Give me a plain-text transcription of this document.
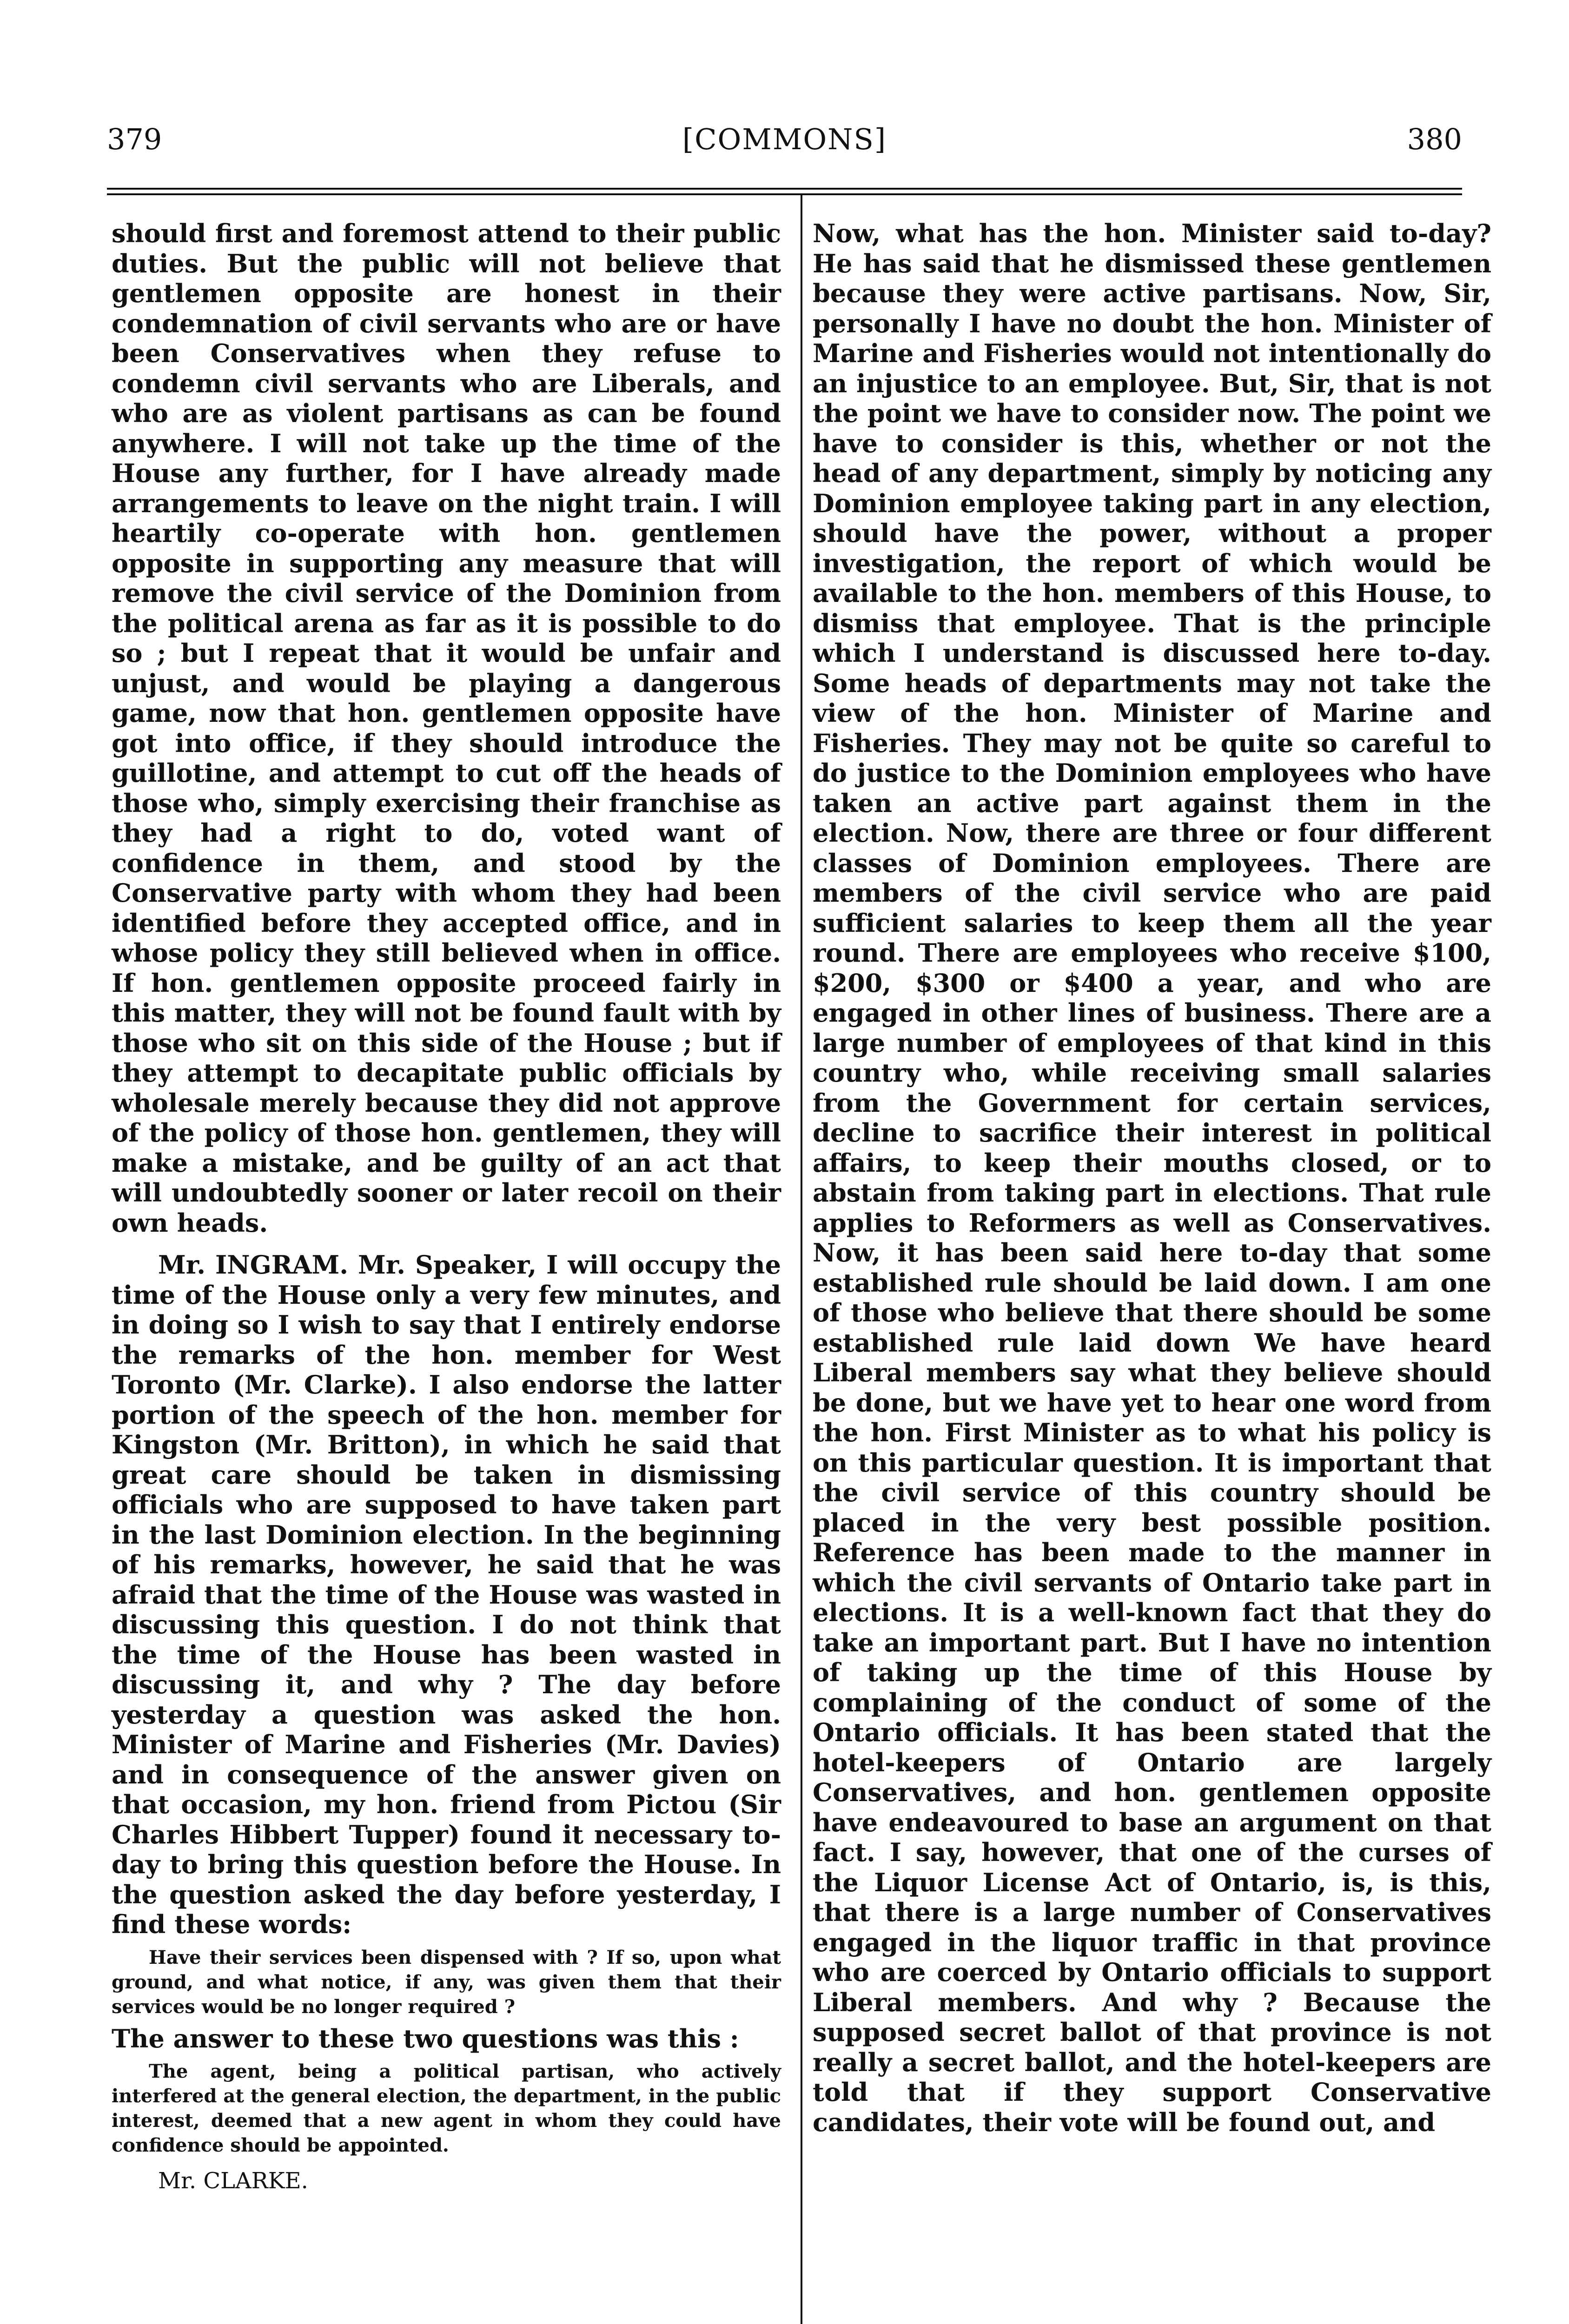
379	[COMMONS]	380

should first and foremost attend to their public duties. But the public will not believe that gentlemen opposite are honest in their condemnation of civil servants who are or have been Conservatives when they refuse to condemn civil servants who are Liberals, and who are as violent partisans as can be found anywhere. I will not take up the time of the House any further, for I have already made arrangements to leave on the night train. I will heartily co-operate with hon. gentlemen opposite in supporting any measure that will remove the civil service of the Dominion from the political arena as far as it is possible to do so ; but I repeat that it would be unfair and unjust, and would be playing a dangerous game, now that hon. gentlemen opposite have got into office, if they should introduce the guillotine, and attempt to cut off the heads of those who, simply exercising their franchise as they had a right to do, voted want of confidence in them, and stood by the Conservative party with whom they had been identified before they accepted office, and in whose policy they still believed when in office. If hon. gentlemen opposite proceed fairly in this matter, they will not be found fault with by those who sit on this side of the House ; but if they attempt to decapitate public officials by wholesale merely because they did not approve of the policy of those hon. gentlemen, they will make a mistake, and be guilty of an act that will undoubtedly sooner or later recoil on their own heads.

Mr. INGRAM. Mr. Speaker, I will occupy the time of the House only a very few minutes, and in doing so I wish to say that I entirely endorse the remarks of the hon. member for West Toronto (Mr. Clarke). I also endorse the latter portion of the speech of the hon. member for Kingston (Mr. Britton), in which he said that great care should be taken in dismissing officials who are supposed to have taken part in the last Dominion election. In the beginning of his remarks, however, he said that he was afraid that the time of the House was wasted in discussing this question. I do not think that the time of the House has been wasted in discussing it, and why ? The day before yesterday a question was asked the hon. Minister of Marine and Fisheries (Mr. Davies) and in consequence of the answer given on that occasion, my hon. friend from Pictou (Sir Charles Hibbert Tupper) found it necessary to-day to bring this question before the House. In the question asked the day before yesterday, I find these words:

Have their services been dispensed with ? If so, upon what ground, and what notice, if any, was given them that their services would be no longer required ?

The answer to these two questions was this :

The agent, being a political partisan, who actively interfered at the general election, the department, in the public interest, deemed that a new agent in whom they could have confidence should be appointed.

Mr. CLARKE.

Now, what has the hon. Minister said to-day? He has said that he dismissed these gentlemen because they were active partisans. Now, Sir, personally I have no doubt the hon. Minister of Marine and Fisheries would not intentionally do an injustice to an employee. But, Sir, that is not the point we have to consider now. The point we have to consider is this, whether or not the head of any department, simply by noticing any Dominion employee taking part in any election, should have the power, without a proper investigation, the report of which would be available to the hon. members of this House, to dismiss that employee. That is the principle which I understand is discussed here to-day. Some heads of departments may not take the view of the hon. Minister of Marine and Fisheries. They may not be quite so careful to do justice to the Dominion employees who have taken an active part against them in the election. Now, there are three or four different classes of Dominion employees. There are members of the civil service who are paid sufficient salaries to keep them all the year round. There are employees who receive $100, $200, $300 or $400 a year, and who are engaged in other lines of business. There are a large number of employees of that kind in this country who, while receiving small salaries from the Government for certain services, decline to sacrifice their interest in political affairs, to keep their mouths closed, or to abstain from taking part in elections. That rule applies to Reformers as well as Conservatives. Now, it has been said here to-day that some established rule should be laid down. I am one of those who believe that there should be some established rule laid down We have heard Liberal members say what they believe should be done, but we have yet to hear one word from the hon. First Minister as to what his policy is on this particular question. It is important that the civil service of this country should be placed in the very best possible position. Reference has been made to the manner in which the civil servants of Ontario take part in elections. It is a well-known fact that they do take an important part. But I have no intention of taking up the time of this House by complaining of the conduct of some of the Ontario officials. It has been stated that the hotel-keepers of Ontario are largely Conservatives, and hon. gentlemen opposite have endeavoured to base an argument on that fact. I say, however, that one of the curses of the Liquor License Act of Ontario, is, is this, that there is a large number of Conservatives engaged in the liquor traffic in that province who are coerced by Ontario officials to support Liberal members. And why ? Because the supposed secret ballot of that province is not really a secret ballot, and the hotel-keepers are told that if they support Conservative candidates, their vote will be found out, and
